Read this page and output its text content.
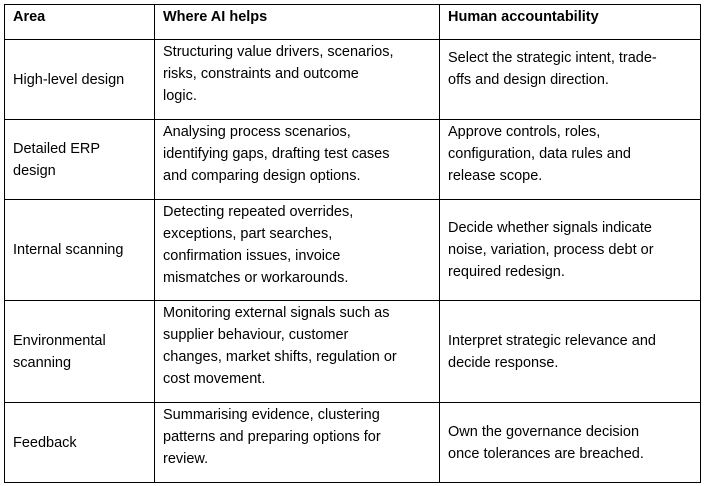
Area	Where AI helps	Human accountability
High-level design	Structuring value drivers, scenarios,
risks, constraints and outcome
logic.	Select the strategic intent, trade-
offs and design direction.

Detailed ERP
design	Analysing process scenarios,
identifying gaps, drafting test cases
and comparing design options.	Approve controls, roles,
configuration, data rules and
release scope.
Internal scanning	Detecting repeated overrides,
exceptions, part searches,
confirmation issues, invoice
mismatches or workarounds.	Decide whether signals indicate
noise, variation, process debt or
required redesign.
Environmental
scanning	Monitoring external signals such as
supplier behaviour, customer
changes, market shifts, regulation or
cost movement.	Interpret strategic relevance and
decide response.
Feedback	Summarising evidence, clustering
patterns and preparing options for
review.	Own the governance decision
once tolerances are breached.
